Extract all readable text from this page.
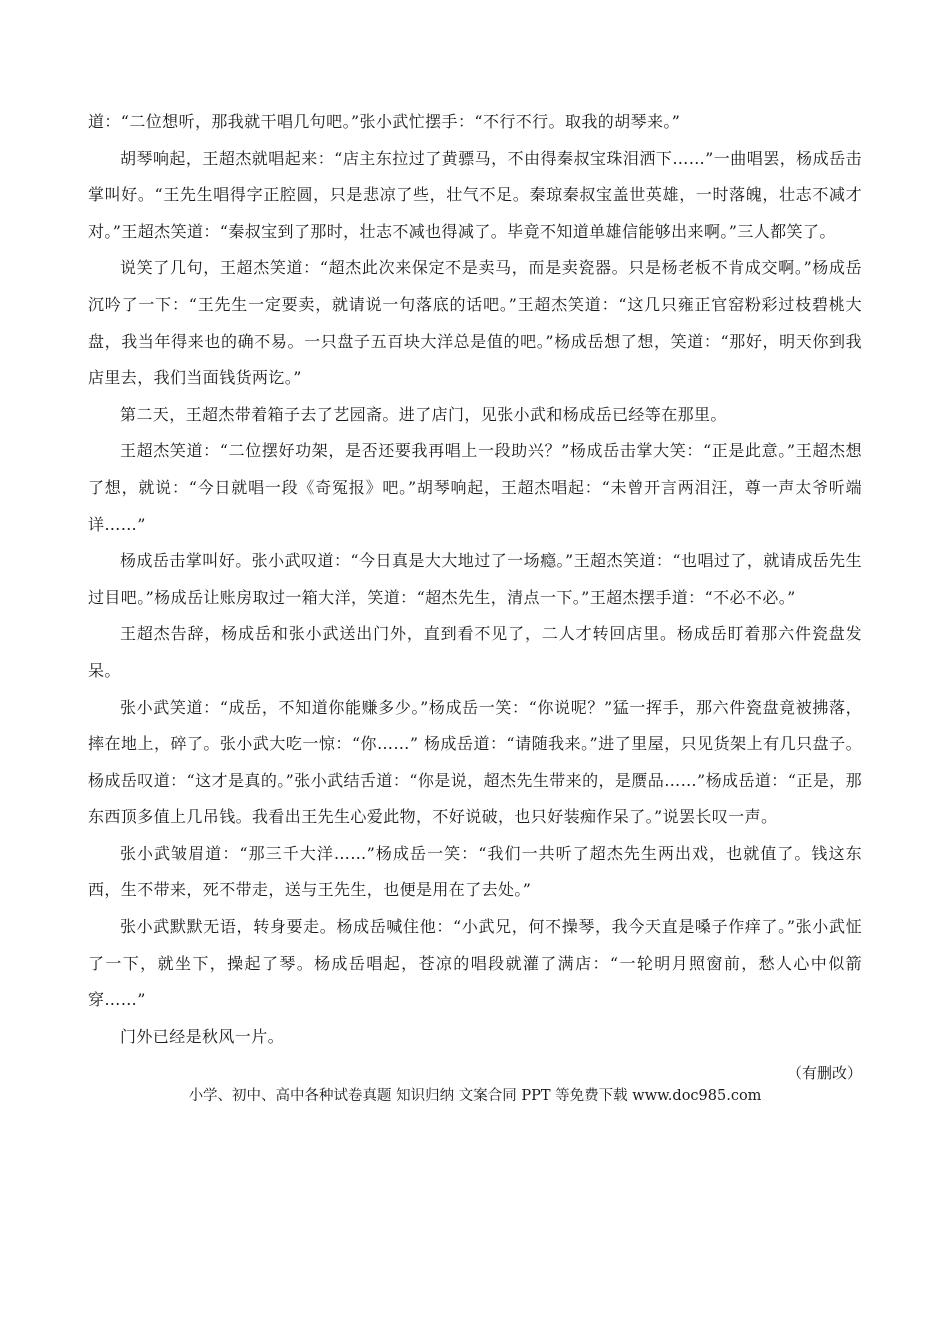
道：“二位想听，那我就干唱几句吧。”张小武忙摆手：“不行不行。取我的胡琴来。”

胡琴响起，王超杰就唱起来：“店主东拉过了黄骠马，不由得秦叔宝珠泪洒下……”一曲唱罢，杨成岳击掌叫好。“王先生唱得字正腔圆，只是悲凉了些，壮气不足。秦琼秦叔宝盖世英雄，一时落魄，壮志不减才对。”王超杰笑道：“秦叔宝到了那时，壮志不减也得减了。毕竟不知道单雄信能够出来啊。”三人都笑了。

说笑了几句，王超杰笑道：“超杰此次来保定不是卖马，而是卖瓷器。只是杨老板不肯成交啊。”杨成岳沉吟了一下：“王先生一定要卖，就请说一句落底的话吧。”王超杰笑道：“这几只雍正官窑粉彩过枝碧桃大盘，我当年得来也的确不易。一只盘子五百块大洋总是值的吧。”杨成岳想了想，笑道：“那好，明天你到我店里去，我们当面钱货两讫。”

第二天，王超杰带着箱子去了艺园斋。进了店门，见张小武和杨成岳已经等在那里。

王超杰笑道：“二位摆好功架，是否还要我再唱上一段助兴？”杨成岳击掌大笑：“正是此意。”王超杰想了想，就说：“今日就唱一段《奇冤报》吧。”胡琴响起，王超杰唱起：“未曾开言两泪汪，尊一声太爷听端详……”

杨成岳击掌叫好。张小武叹道：“今日真是大大地过了一场瘾。”王超杰笑道：“也唱过了，就请成岳先生过目吧。”杨成岳让账房取过一箱大洋，笑道：“超杰先生，清点一下。”王超杰摆手道：“不必不必。”

王超杰告辞，杨成岳和张小武送出门外，直到看不见了，二人才转回店里。杨成岳盯着那六件瓷盘发呆。

张小武笑道：“成岳，不知道你能赚多少。”杨成岳一笑：“你说呢？”猛一挥手，那六件瓷盘竟被拂落，摔在地上，碎了。张小武大吃一惊：“你……” 杨成岳道：“请随我来。”进了里屋，只见货架上有几只盘子。杨成岳叹道：“这才是真的。”张小武结舌道：“你是说，超杰先生带来的，是赝品……”杨成岳道：“正是，那东西顶多值上几吊钱。我看出王先生心爱此物，不好说破，也只好装痴作呆了。”说罢长叹一声。

张小武皱眉道：“那三千大洋……”杨成岳一笑：“我们一共听了超杰先生两出戏，也就值了。钱这东西，生不带来，死不带走，送与王先生，也便是用在了去处。”

张小武默默无语，转身要走。杨成岳喊住他：“小武兄，何不操琴，我今天直是嗓子作痒了。”张小武怔了一下，就坐下，操起了琴。杨成岳唱起，苍凉的唱段就灌了满店：“一轮明月照窗前，愁人心中似箭穿……”

门外已经是秋风一片。

（有删改）

小学、初中、高中各种试卷真题 知识归纳 文案合同 PPT 等免费下载 www.doc985.com
